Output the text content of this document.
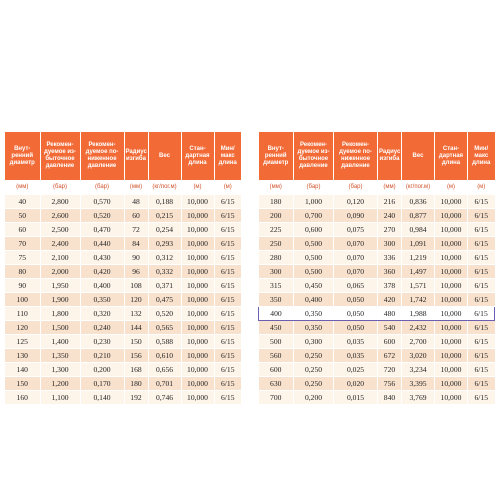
Внут-
ренний
диаметр	Рекомен-
дуемое из-
быточное
давление	Рекомен-
дуемое по-
ниженное
давление	Радиус
изгиба	Вес	Стан-
дартная
длина	Мин/
макс
длина
(мм)	(бар)	(бар)	(мм)	(кг/пог.м)	(м)	(м)
40	2,800	0,570	48	0,188	10,000	6/15
50	2,600	0,520	60	0,215	10,000	6/15
60	2,500	0,470	72	0,254	10,000	6/15
70	2,400	0,440	84	0,293	10,000	6/15
75	2,100	0,430	90	0,312	10,000	6/15
80	2,000	0,420	96	0,332	10,000	6/15
90	1,950	0,400	108	0,371	10,000	6/15
100	1,900	0,350	120	0,475	10,000	6/15
110	1,800	0,320	132	0,520	10,000	6/15
120	1,500	0,240	144	0,565	10,000	6/15
125	1,400	0,230	150	0,588	10,000	6/15
130	1,350	0,210	156	0,610	10,000	6/15
140	1,300	0,200	168	0,656	10,000	6/15
150	1,200	0,170	180	0,701	10,000	6/15
160	1,100	0,140	192	0,746	10,000	6/15
Внут-
ренний
диаметр	Рекомен-
дуемое из-
быточное
давление	Рекомен-
дуемое по-
ниженное
давление	Радиус
изгиба	Вес	Стан-
дартная
длина	Мин/
макс
длина
(мм)	(бар)	(бар)	(мм)	(кг/пог.м)	(м)	(м)
180	1,000	0,120	216	0,836	10,000	6/15
200	0,700	0,090	240	0,877	10,000	6/15
225	0,600	0,075	270	0,984	10,000	6/15
250	0,500	0,070	300	1,091	10,000	6/15
280	0,500	0,070	336	1,219	10,000	6/15
300	0,500	0,070	360	1,497	10,000	6/15
315	0,450	0,065	378	1,571	10,000	6/15
350	0,400	0,050	420	1,742	10,000	6/15
400	0,350	0,050	480	1,988	10,000	6/15
450	0,350	0,050	540	2,432	10,000	6/15
500	0,300	0,035	600	2,700	10,000	6/15
560	0,250	0,035	672	3,020	10,000	6/15
600	0,250	0,025	720	3,234	10,000	6/15
630	0,250	0,020	756	3,395	10,000	6/15
700	0,200	0,015	840	3,769	10,000	6/15
